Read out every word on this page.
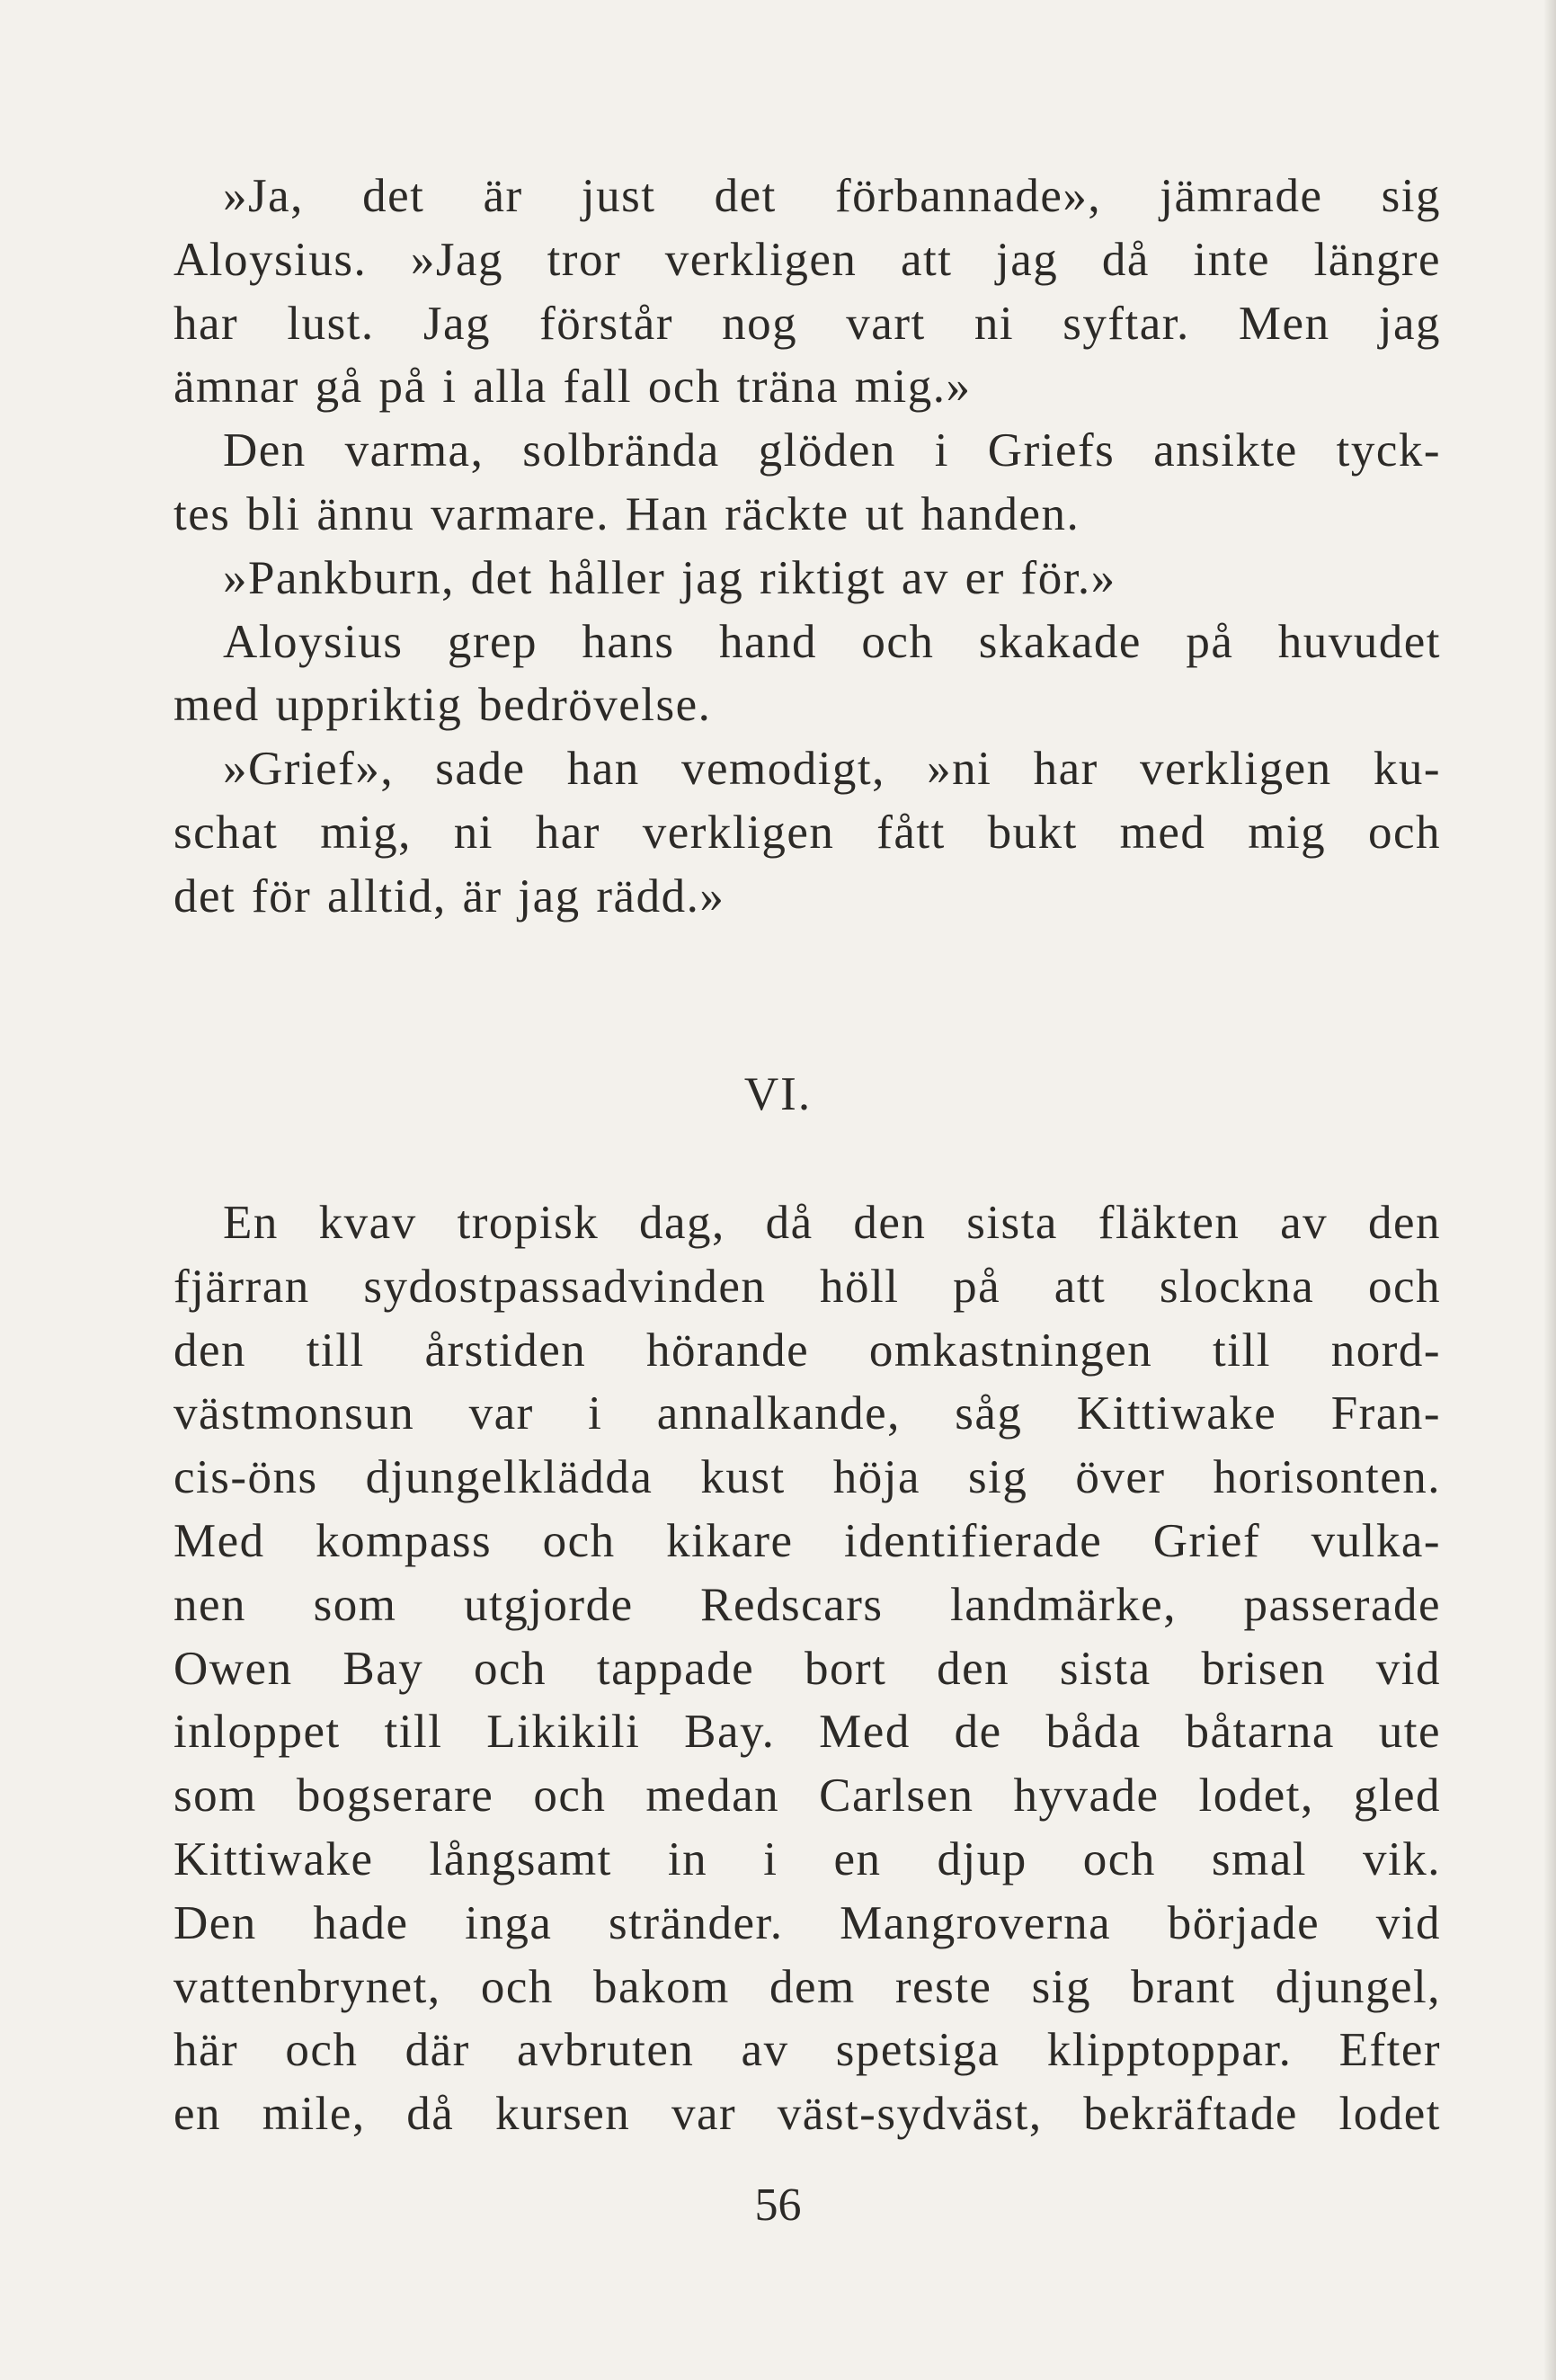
»Ja, det är just det förbannade», jämrade sig
Aloysius. »Jag tror verkligen att jag då inte längre
har lust. Jag förstår nog vart ni syftar. Men jag
ämnar gå på i alla fall och träna mig.»
Den varma, solbrända glöden i Griefs ansikte tyck-
tes bli ännu varmare. Han räckte ut handen.
»Pankburn, det håller jag riktigt av er för.»
Aloysius grep hans hand och skakade på huvudet
med uppriktig bedrövelse.
»Grief», sade han vemodigt, »ni har verkligen ku-
schat mig, ni har verkligen fått bukt med mig och
det för alltid, är jag rädd.»
VI.
En kvav tropisk dag, då den sista fläkten av den
fjärran sydostpassadvinden höll på att slockna och
den till årstiden hörande omkastningen till nord-
västmonsun var i annalkande, såg Kittiwake Fran-
cis-öns djungelklädda kust höja sig över horisonten.
Med kompass och kikare identifierade Grief vulka-
nen som utgjorde Redscars landmärke, passerade
Owen Bay och tappade bort den sista brisen vid
inloppet till Likikili Bay. Med de båda båtarna ute
som bogserare och medan Carlsen hyvade lodet, gled
Kittiwake långsamt in i en djup och smal vik.
Den hade inga stränder. Mangroverna började vid
vattenbrynet, och bakom dem reste sig brant djungel,
här och där avbruten av spetsiga klipptoppar. Efter
en mile, då kursen var väst-sydväst, bekräftade lodet
56
